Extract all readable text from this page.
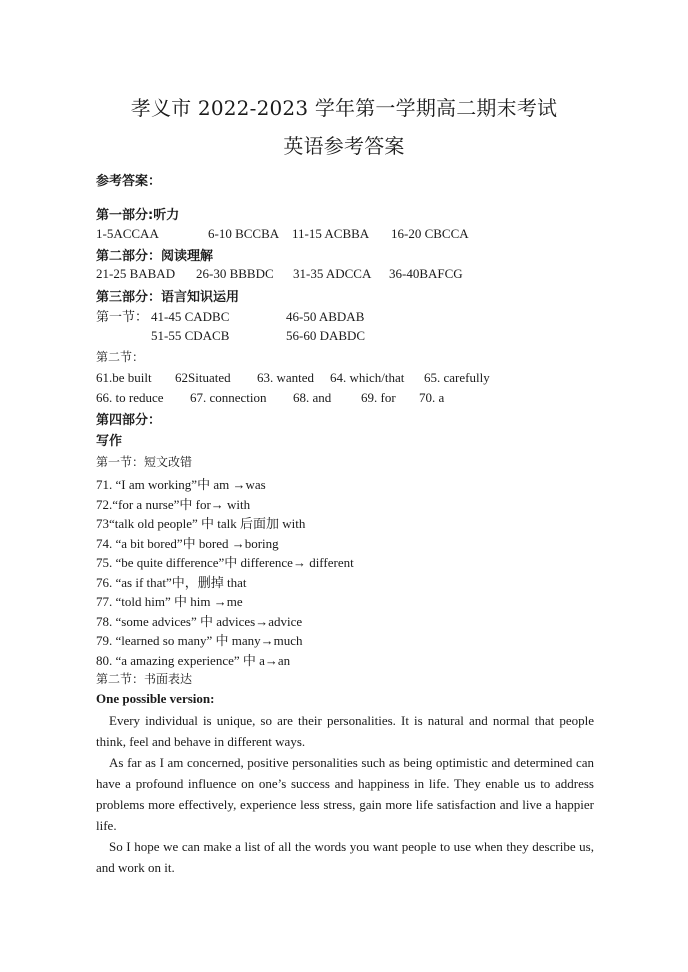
孝义市 2022-2023 学年第一学期高二期末考试
英语参考答案
参考答案：
第一部分:听力
1-5ACCAA	6-10 BCCBA 11-15 ACBBA 16-20 CBCCA
第二部分：阅读理解
21-25 BABAD 26-30 BBBDC 31-35 ADCCA 36-40BAFCG
第三部分：语言知识运用
第一节： 41-45 CADBC	46-50 ABDAB
51-55 CDACB	56-60 DABDC
第二节：
61.be built 62Situated 63. wanted 64. which/that 65. carefully
66. to reduce 67. connection 68. and 69. for 70. a
第四部分：
写作
第一节：短文改错
71. “I am working”中 am →was
72.“for a nurse”中 for→ with
73“talk old people” 中 talk 后面加 with
74. “a bit bored”中 bored →boring
75. “be quite difference”中 difference→ different
76. “as if that”中，删掉 that
77. “told him” 中 him →me
78. “some advices” 中 advices→advice
79. “learned so many” 中 many→much
80. “a amazing experience” 中 a→an
第二节：书面表达
One possible version:
Every individual is unique, so are their personalities. It is natural and normal that people think, feel and behave in different ways.
As far as I am concerned, positive personalities such as being optimistic and determined can have a profound influence on one’s success and happiness in life. They enable us to address problems more effectively, experience less stress, gain more life satisfaction and live a happier life.
So I hope we can make a list of all the words you want people to use when they describe us, and work on it.
